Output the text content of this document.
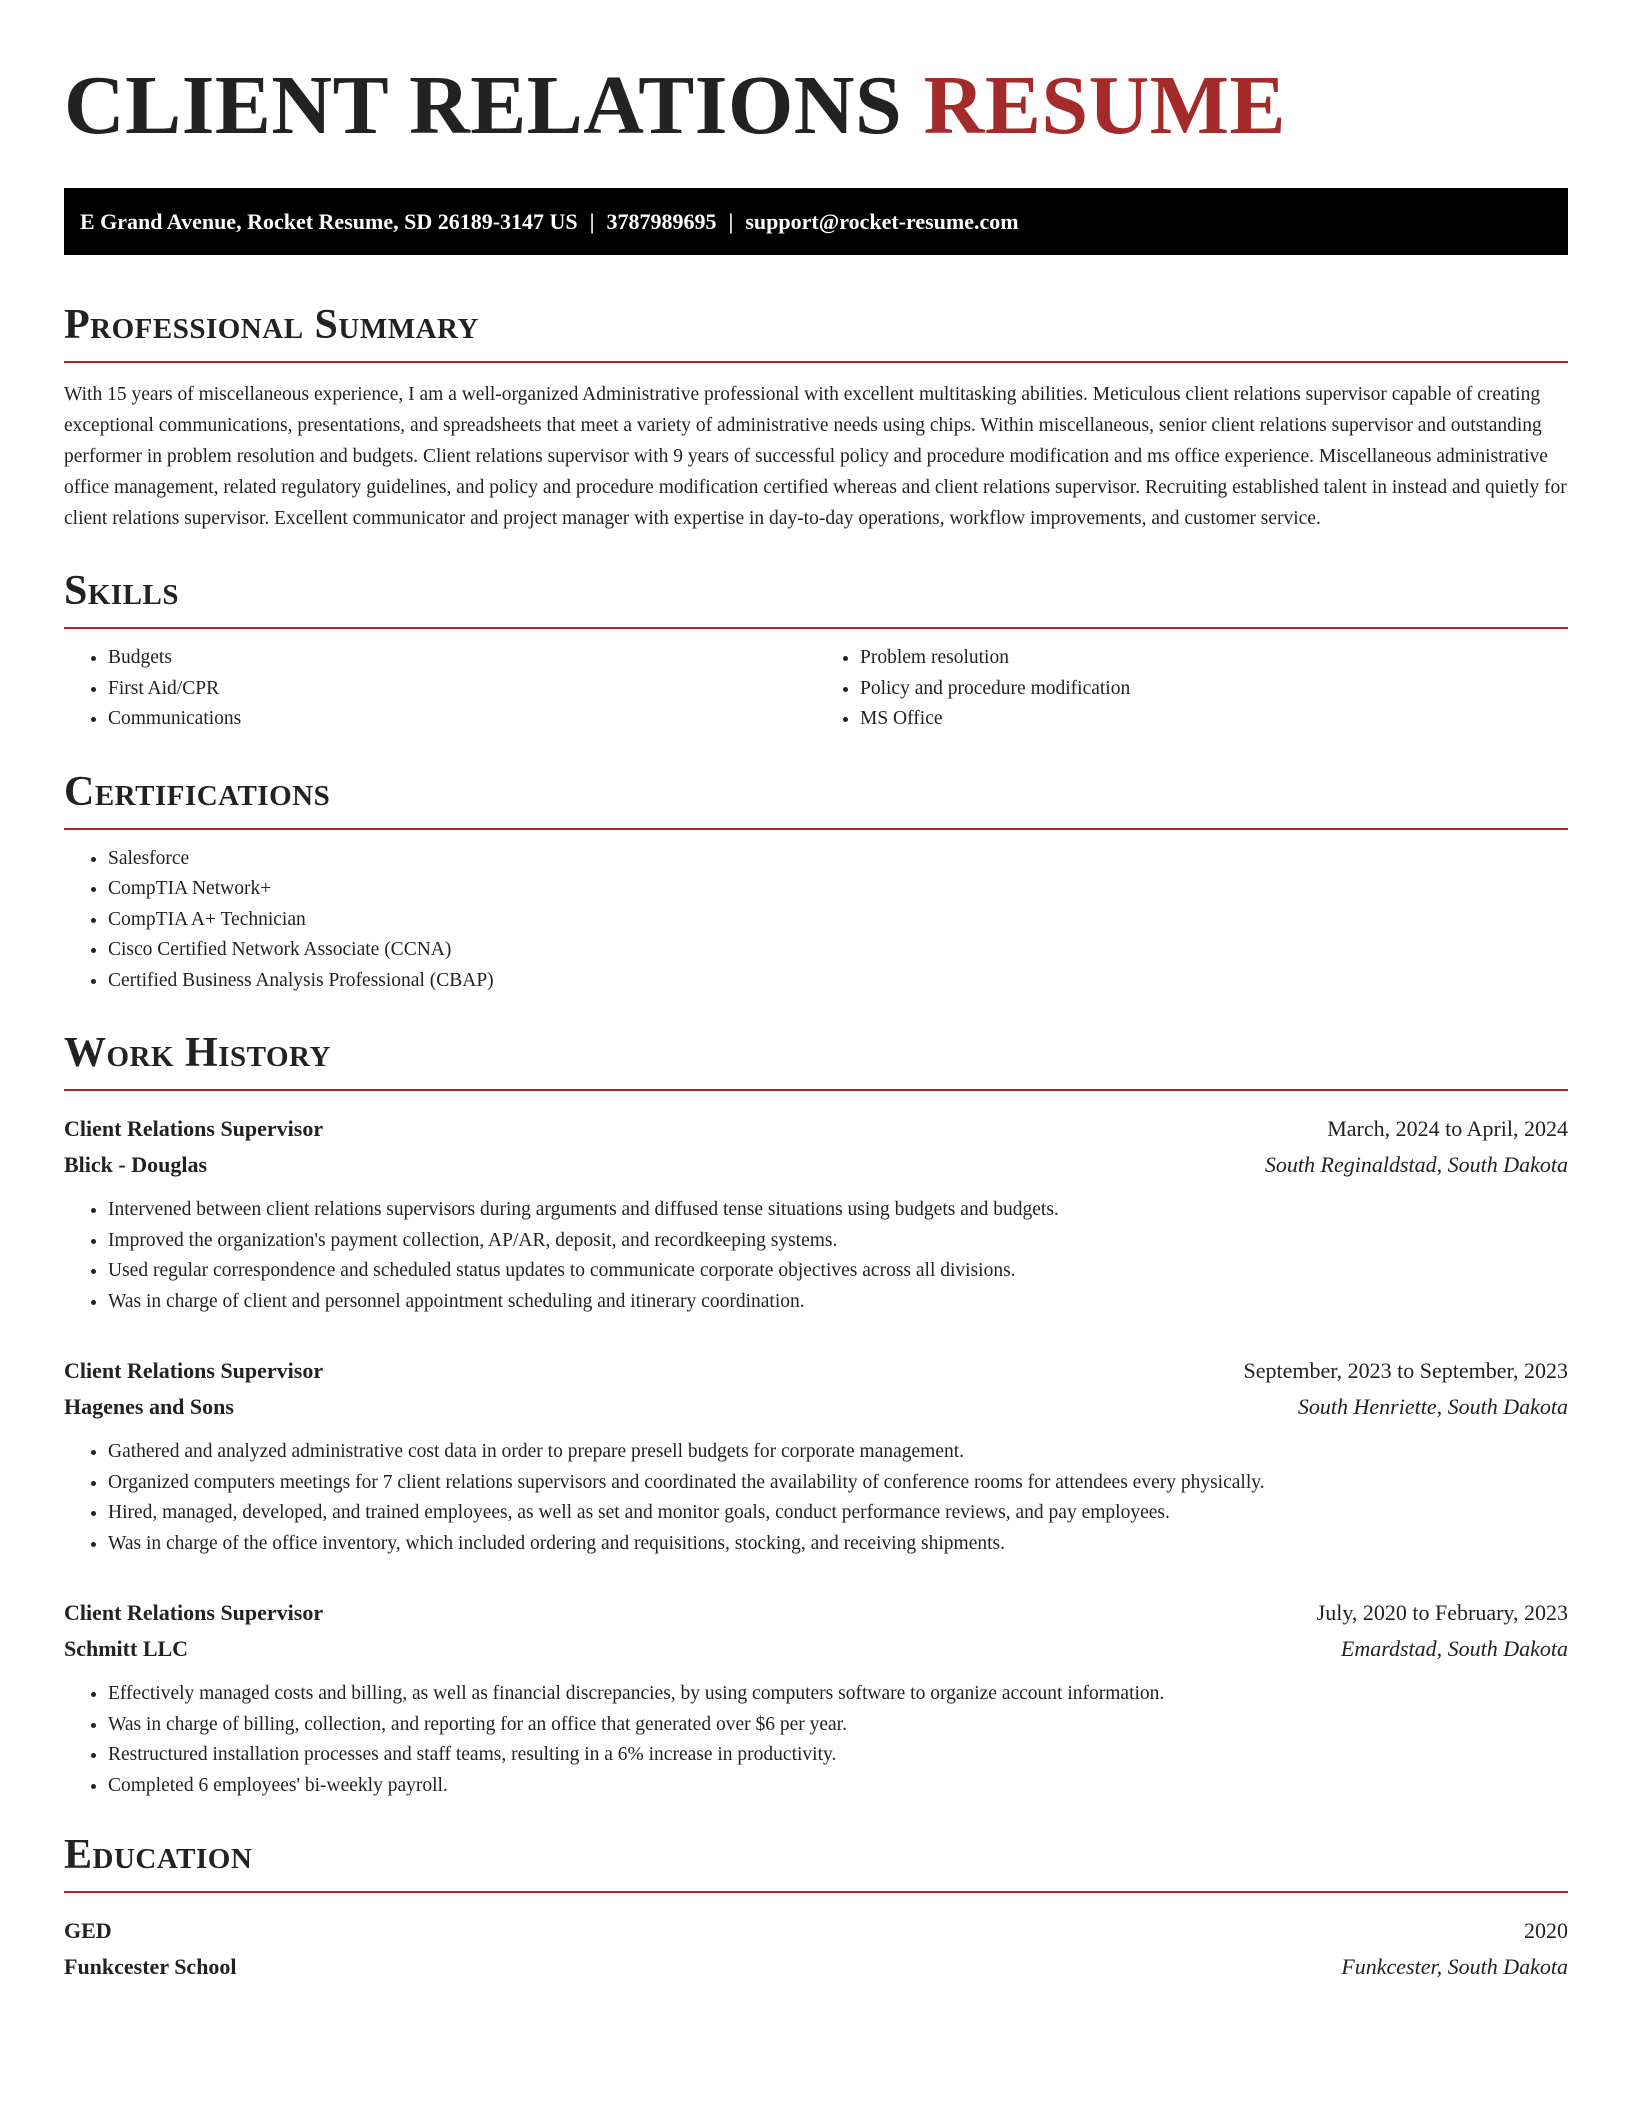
CLIENT RELATIONS RESUME
E Grand Avenue, Rocket Resume, SD 26189-3147 US | 3787989695 | support@rocket-resume.com
Professional Summary

With 15 years of miscellaneous experience, I am a well-organized Administrative professional with excellent multitasking abilities. Meticulous client relations supervisor capable of creating exceptional communications, presentations, and spreadsheets that meet a variety of administrative needs using chips. Within miscellaneous, senior client relations supervisor and outstanding performer in problem resolution and budgets. Client relations supervisor with 9 years of successful policy and procedure modification and ms office experience. Miscellaneous administrative office management, related regulatory guidelines, and policy and procedure modification certified whereas and client relations supervisor. Recruiting established talent in instead and quietly for client relations supervisor. Excellent communicator and project manager with expertise in day-to-day operations, workflow improvements, and customer service.

Skills
• Budgets
• First Aid/CPR
• Communications
• Problem resolution
• Policy and procedure modification
• MS Office
Certifications
• Salesforce
• CompTIA Network+
• CompTIA A+ Technician
• Cisco Certified Network Associate (CCNA)
• Certified Business Analysis Professional (CBAP)
Work History
Client Relations Supervisor	March, 2024 to April, 2024
Blick - Douglas	South Reginaldstad, South Dakota
• Intervened between client relations supervisors during arguments and diffused tense situations using budgets and budgets.
• Improved the organization's payment collection, AP/AR, deposit, and recordkeeping systems.
• Used regular correspondence and scheduled status updates to communicate corporate objectives across all divisions.
• Was in charge of client and personnel appointment scheduling and itinerary coordination.
Client Relations Supervisor	September, 2023 to September, 2023
Hagenes and Sons	South Henriette, South Dakota
• Gathered and analyzed administrative cost data in order to prepare presell budgets for corporate management.
• Organized computers meetings for 7 client relations supervisors and coordinated the availability of conference rooms for attendees every physically.
• Hired, managed, developed, and trained employees, as well as set and monitor goals, conduct performance reviews, and pay employees.
• Was in charge of the office inventory, which included ordering and requisitions, stocking, and receiving shipments.
Client Relations Supervisor	July, 2020 to February, 2023
Schmitt LLC	Emardstad, South Dakota
• Effectively managed costs and billing, as well as financial discrepancies, by using computers software to organize account information.
• Was in charge of billing, collection, and reporting for an office that generated over $6 per year.
• Restructured installation processes and staff teams, resulting in a 6% increase in productivity.
• Completed 6 employees' bi-weekly payroll.
Education
GED	2020
Funkcester School	Funkcester, South Dakota
